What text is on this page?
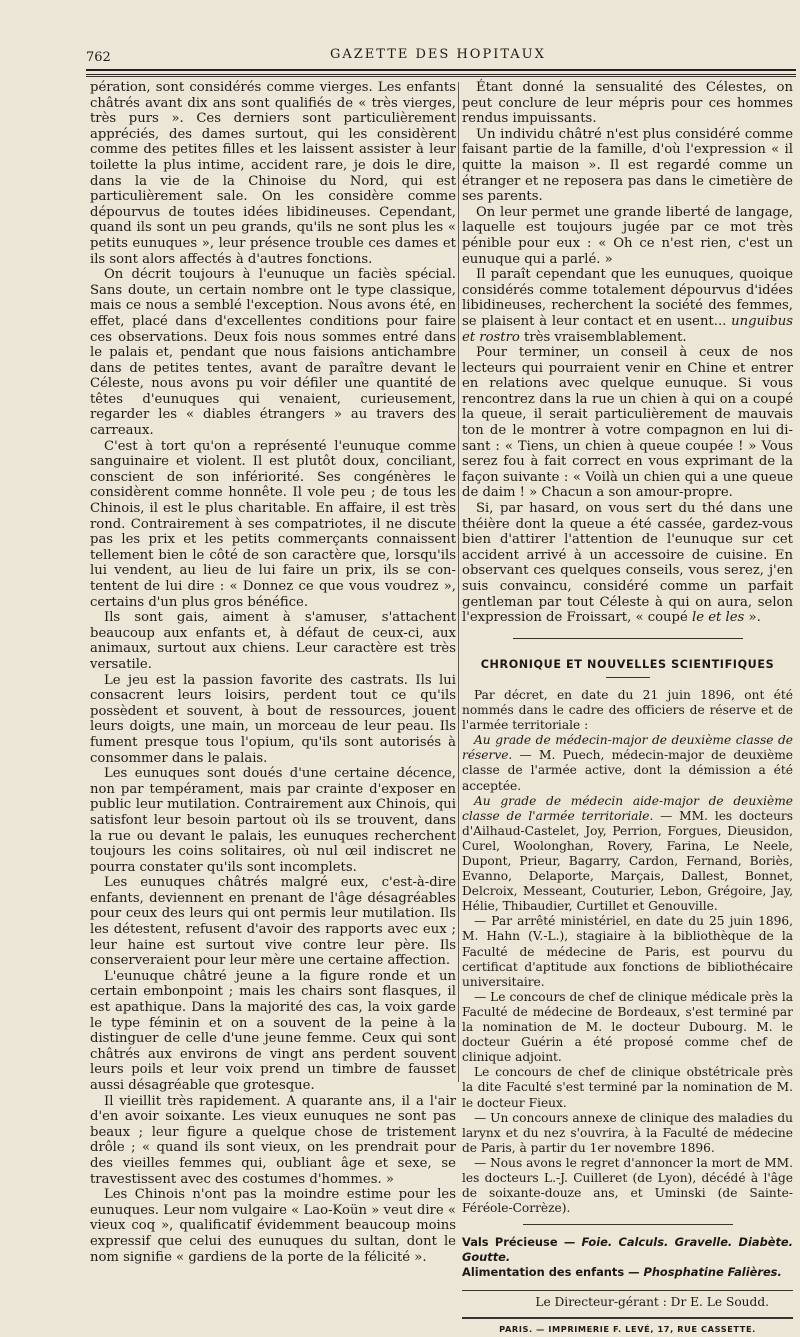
762	GAZETTE DES HOPITAUX

pération, sont considérés comme vierges. Les enfants châtrés avant dix ans sont qualifiés de « très vierges, très purs ». Ces derniers sont particulièrement appréciés, des dames surtout, qui les considèrent comme des petites filles et les laissent assister à leur toilette la plus intime, accident rare, je dois le dire, dans la vie de la Chinoise du Nord, qui est particulièrement sale. On les considère comme dépourvus de toutes idées libidineuses. Cependant, quand ils sont un peu grands, qu'ils ne sont plus les « petits eunuques », leur présence trouble ces dames et ils sont alors affectés à d'autres fonctions.

On décrit toujours à l'eunuque un faciès spécial. Sans doute, un certain nombre ont le type classique, mais ce nous a semblé l'exception. Nous avons été, en effet, placé dans d'excellentes conditions pour faire ces observations. Deux fois nous sommes entré dans le palais et, pendant que nous faisions antichambre dans de petites tentes, avant de paraître devant le Céleste, nous avons pu voir défiler une quantité de têtes d'eunuques qui venaient, curieusement, regarder les « diables étrangers » au travers des carreaux.

C'est à tort qu'on a représenté l'eunuque comme sanguinaire et violent. Il est plutôt doux, conciliant, conscient de son infériorité. Ses congénères le considèrent comme honnête. Il vole peu ; de tous les Chinois, il est le plus charitable. En affaire, il est très rond. Contrairement à ses compatriotes, il ne discute pas les prix et les petits commerçants connaissent tellement bien le côté de son caractère que, lorsqu'ils lui vendent, au lieu de lui faire un prix, ils se contentent de lui dire : « Donnez ce que vous voudrez », certains d'un plus gros bénéfice.

Ils sont gais, aiment à s'amuser, s'attachent beaucoup aux enfants et, à défaut de ceux-ci, aux animaux, surtout aux chiens. Leur caractère est très versatile.

Le jeu est la passion favorite des castrats. Ils lui consacrent leurs loisirs, perdent tout ce qu'ils possèdent et souvent, à bout de ressources, jouent leurs doigts, une main, un morceau de leur peau. Ils fument presque tous l'opium, qu'ils sont autorisés à consommer dans le palais.

Les eunuques sont doués d'une certaine décence, non par tempérament, mais par crainte d'exposer en public leur mutilation. Contrairement aux Chinois, qui satisfont leur besoin partout où ils se trouvent, dans la rue ou devant le palais, les eunuques recherchent toujours les coins solitaires, où nul œil indiscret ne pourra constater qu'ils sont incomplets.

Les eunuques châtrés malgré eux, c'est-à-dire enfants, deviennent en prenant de l'âge désagréables pour ceux des leurs qui ont permis leur mutilation. Ils les détestent, refusent d'avoir des rapports avec eux ; leur haine est surtout vive contre leur père. Ils conserveraient pour leur mère une certaine affection.

L'eunuque châtré jeune a la figure ronde et un certain embonpoint ; mais les chairs sont flasques, il est apathique. Dans la majorité des cas, la voix garde le type féminin et on a souvent de la peine à la distinguer de celle d'une jeune femme. Ceux qui sont châtrés aux environs de vingt ans perdent souvent leurs poils et leur voix prend un timbre de fausset aussi désagréable que grotesque.

Il vieillit très rapidement. A quarante ans, il a l'air d'en avoir soixante. Les vieux eunuques ne sont pas beaux ; leur figure a quelque chose de tristement drôle ; « quand ils sont vieux, on les prendrait pour des vieilles femmes qui, oubliant âge et sexe, se travestissent avec des costumes d'hommes. »

Les Chinois n'ont pas la moindre estime pour les eunuques. Leur nom vulgaire « Lao-Koün » veut dire « vieux coq », qualificatif évidemment beaucoup moins expressif que celui des eunuques du sultan, dont le nom signifie « gardiens de la porte de la félicité ».

Étant donné la sensualité des Célestes, on peut conclure de leur mépris pour ces hommes rendus impuissants.

Un individu châtré n'est plus considéré comme faisant partie de la famille, d'où l'expression « il quitte la maison ». Il est regardé comme un étranger et ne reposera pas dans le cimetière de ses parents.

On leur permet une grande liberté de langage, laquelle est toujours jugée par ce mot très pénible pour eux : « Oh ce n'est rien, c'est un eunuque qui a parlé. »

Il paraît cependant que les eunuques, quoique considérés comme totalement dépourvus d'idées libidineuses, recherchent la société des femmes, se plaisent à leur contact et en usent... unguibus et rostro très vraisemblablement.

Pour terminer, un conseil à ceux de nos lecteurs qui pourraient venir en Chine et entrer en relations avec quelque eunuque. Si vous rencontrez dans la rue un chien à qui on a coupé la queue, il serait particulièrement de mauvais ton de le montrer à votre compagnon en lui disant : « Tiens, un chien à queue coupée ! » Vous serez fou à fait correct en vous exprimant de la façon suivante : « Voilà un chien qui a une queue de daim ! » Chacun a son amour-propre.

Si, par hasard, on vous sert du thé dans une théière dont la queue a été cassée, gardez-vous bien d'attirer l'attention de l'eunuque sur cet accident arrivé à un accessoire de cuisine. En observant ces quelques conseils, vous serez, j'en suis convaincu, considéré comme un parfait gentleman par tout Céleste à qui on aura, selon l'expression de Froissart, « coupé le et les ».

CHRONIQUE ET NOUVELLES SCIENTIFIQUES

Par décret, en date du 21 juin 1896, ont été nommés dans le cadre des officiers de réserve et de l'armée territoriale :

Au grade de médecin-major de deuxième classe de réserve. — M. Puech, médecin-major de deuxième classe de l'armée active, dont la démission a été acceptée.

Au grade de médecin aide-major de deuxième classe de l'armée territoriale. — MM. les docteurs d'Ailhaud-Castelet, Joy, Perrion, Forgues, Dieusidon, Curel, Woolonghan, Rovery, Farina, Le Neele, Dupont, Prieur, Bagarry, Cardon, Fernand, Boriès, Evanno, Delaporte, Marçais, Dallest, Bonnet, Delcroix, Messeant, Couturier, Lebon, Grégoire, Jay, Hélie, Thibaudier, Curtillet et Genouville.

— Par arrêté ministériel, en date du 25 juin 1896, M. Hahn (V.-L.), stagiaire à la bibliothèque de la Faculté de médecine de Paris, est pourvu du certificat d'aptitude aux fonctions de bibliothécaire universitaire.

— Le concours de chef de clinique médicale près la Faculté de médecine de Bordeaux, s'est terminé par la nomination de M. le docteur Dubourg. M. le docteur Guérin a été proposé comme chef de clinique adjoint.

Le concours de chef de clinique obstétricale près la dite Faculté s'est terminé par la nomination de M. le docteur Fieux.

— Un concours annexe de clinique des maladies du larynx et du nez s'ouvrira, à la Faculté de médecine de Paris, à partir du 1er novembre 1896.

— Nous avons le regret d'annoncer la mort de MM. les docteurs L.-J. Cuilleret (de Lyon), décédé à l'âge de soixante-douze ans, et Uminski (de Sainte-Féréole-Corrèze).

Vals Précieuse — Foie. Calculs. Gravelle. Diabète. Goutte.
Alimentation des enfants — Phosphatine Falières.
Le Directeur-gérant : Dr E. Le Soudd.
PARIS. — IMPRIMERIE F. LEVÉ, 17, RUE CASSETTE.
